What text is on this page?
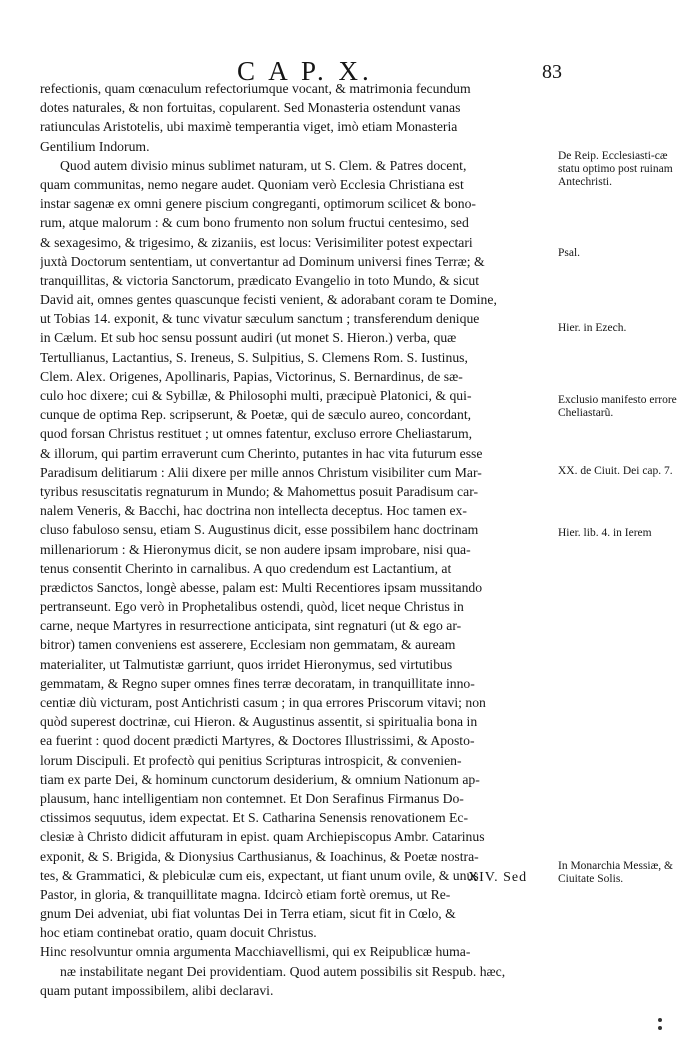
C A P. X.	83
refectionis, quam cœnaculum refectoriumque vocant, & matrimonia fecundum
dotes naturales, & non fortuitas, copularent. Sed Monasteria ostendunt vanas
ratiunculas Aristotelis, ubi maximè temperantia viget, imò etiam Monasteria
Gentilium Indorum.
Quod autem divisio minus sublimet naturam, ut S. Clem. & Patres docent,
quam communitas, nemo negare audet. Quoniam verò Ecclesia Christiana est
instar sagenæ ex omni genere piscium congreganti, optimorum scilicet & bono-
rum, atque malorum : & cum bono frumento non solum fructui centesimo, sed
& sexagesimo, & trigesimo, & zizaniis, est locus: Verisimiliter potest expectari
juxtà Doctorum sententiam, ut convertantur ad Dominum universi fines Terræ; &
tranquillitas, & victoria Sanctorum, prædicato Evangelio in toto Mundo, & sicut
David ait, omnes gentes quascunque fecisti venient, & adorabant coram te Domine,
ut Tobias 14. exponit, & tunc vivatur sæculum sanctum ; transferendum denique
in Cælum. Et sub hoc sensu possunt audiri (ut monet S. Hieron.) verba, quæ
Tertullianus, Lactantius, S. Ireneus, S. Sulpitius, S. Clemens Rom. S. Iustinus,
Clem. Alex. Origenes, Apollinaris, Papias, Victorinus, S. Bernardinus, de sæ-
culo hoc dixere; cui & Sybillæ, & Philosophi multi, præcipuè Platonici, & qui-
cunque de optima Rep. scripserunt, & Poetæ, qui de sæculo aureo, concordant,
quod forsan Christus restituet ; ut omnes fatentur, excluso errore Cheliastarum,
& illorum, qui partim erraverunt cum Cherinto, putantes in hac vita futurum esse
Paradisum delitiarum : Alii dixere per mille annos Christum visibiliter cum Mar-
tyribus resuscitatis regnaturum in Mundo; & Mahomettus posuit Paradisum car-
nalem Veneris, & Bacchi, hac doctrina non intellecta deceptus. Hoc tamen ex-
cluso fabuloso sensu, etiam S. Augustinus dicit, esse possibilem hanc doctrinam
millenariorum : & Hieronymus dicit, se non audere ipsam improbare, nisi qua-
tenus consentit Cherinto in carnalibus. A quo credendum est Lactantium, at
prædictos Sanctos, longè abesse, palam est: Multi Recentiores ipsam mussitando
pertranseunt. Ego verò in Prophetalibus ostendi, quòd, licet neque Christus in
carne, neque Martyres in resurrectione anticipata, sint regnaturi (ut & ego ar-
bitror) tamen conveniens est asserere, Ecclesiam non gemmatam, & auream
materialiter, ut Talmutistæ garriunt, quos irridet Hieronymus, sed virtutibus
gemmatam, & Regno super omnes fines terræ decoratam, in tranquillitate inno-
centiæ diù victuram, post Antichristi casum ; in qua errores Priscorum vitavi; non
quòd superest doctrinæ, cui Hieron. & Augustinus assentit, si spiritualia bona in
ea fuerint : quod docent prædicti Martyres, & Doctores Illustrissimi, & Aposto-
lorum Discipuli. Et profectò qui penitius Scripturas introspicit, & convenien-
tiam ex parte Dei, & hominum cunctorum desiderium, & omnium Nationum ap-
plausum, hanc intelligentiam non contemnet. Et Don Serafinus Firmanus Do-
ctissimos sequutus, idem expectat. Et S. Catharina Senensis renovationem Ec-
clesiæ à Christo didicit affuturam in epist. quam Archiepiscopus Ambr. Catarinus
exponit, & S. Brigida, & Dionysius Carthusianus, & Ioachinus, & Poetæ nostra-
tes, & Grammatici, & plebiculæ cum eis, expectant, ut fiant unum ovile, & unus
Pastor, in gloria, & tranquillitate magna. Idcircò etiam fortè oremus, ut Re-
gnum Dei adveniat, ubi fiat voluntas Dei in Terra etiam, sicut fit in Cœlo, &
hoc etiam continebat oratio, quam docuit Christus.
Hinc resolvuntur omnia argumenta Macchiavellismi, qui ex Reipublicæ huma-
næ instabilitate negant Dei providentiam. Quod autem possibilis sit Respub. hæc,
quam putant impossibilem, alibi declaravi.
De Reip. Ecclesiasti-cæ statu optimo post ruinam Antechristi.
Psal.
Hier. in Ezech.
Exclusio manifesto errore Cheliastarũ.
XX. de Ciuit. Dei cap. 7.
Hier. lib. 4. in Ierem
In Monarchia Messiæ, & Ciuitate Solis.
XIV. Sed
